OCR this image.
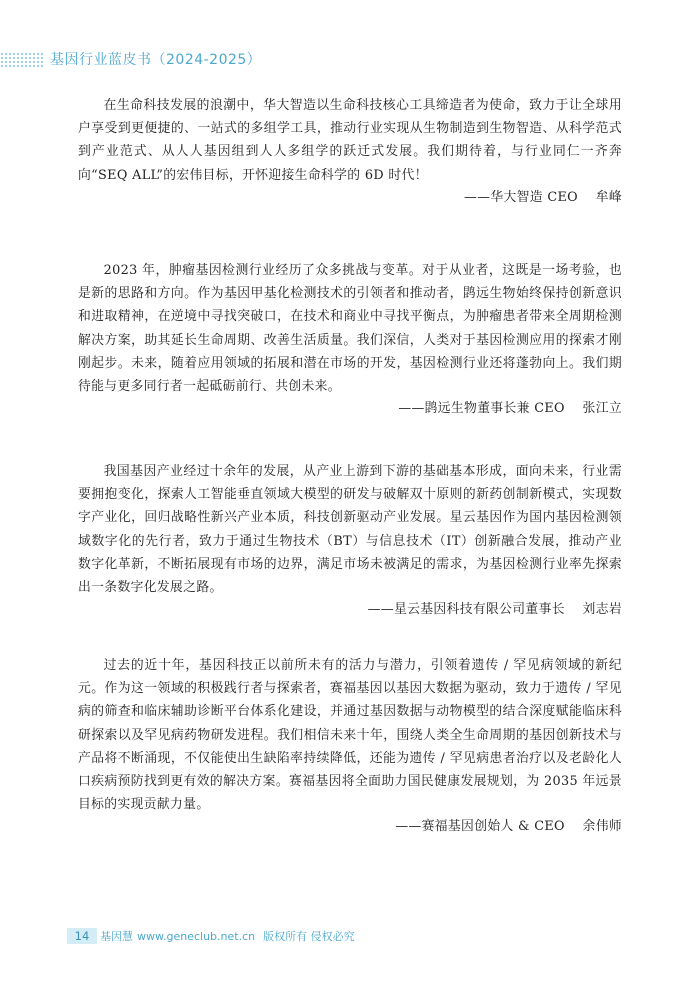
基因行业蓝皮书（2024-2025）

在生命科技发展的浪潮中，华大智造以生命科技核心工具缔造者为使命，致力于让全球用户享受到更便捷的、一站式的多组学工具，推动行业实现从生物制造到生物智造、从科学范式到产业范式、从人人基因组到人人多组学的跃迁式发展。我们期待着，与行业同仁一齐奔向“SEQ ALL”的宏伟目标，开怀迎接生命科学的 6D 时代！

——华大智造 CEO    牟峰

2023 年，肿瘤基因检测行业经历了众多挑战与变革。对于从业者，这既是一场考验，也是新的思路和方向。作为基因甲基化检测技术的引领者和推动者，鹍远生物始终保持创新意识和进取精神，在逆境中寻找突破口，在技术和商业中寻找平衡点，为肿瘤患者带来全周期检测解决方案，助其延长生命周期、改善生活质量。我们深信，人类对于基因检测应用的探索才刚刚起步。未来，随着应用领域的拓展和潜在市场的开发，基因检测行业还将蓬勃向上。我们期待能与更多同行者一起砥砺前行、共创未来。

——鹍远生物董事长兼 CEO    张江立

我国基因产业经过十余年的发展，从产业上游到下游的基础基本形成，面向未来，行业需要拥抱变化，探索人工智能垂直领域大模型的研发与破解双十原则的新药创制新模式，实现数字产业化，回归战略性新兴产业本质，科技创新驱动产业发展。星云基因作为国内基因检测领域数字化的先行者，致力于通过生物技术（BT）与信息技术（IT）创新融合发展，推动产业数字化革新，不断拓展现有市场的边界，满足市场未被满足的需求，为基因检测行业率先探索出一条数字化发展之路。

——星云基因科技有限公司董事长    刘志岩

过去的近十年，基因科技正以前所未有的活力与潜力，引领着遗传 / 罕见病领域的新纪元。作为这一领域的积极践行者与探索者，赛福基因以基因大数据为驱动，致力于遗传 / 罕见病的筛查和临床辅助诊断平台体系化建设，并通过基因数据与动物模型的结合深度赋能临床科研探索以及罕见病药物研发进程。我们相信未来十年，围绕人类全生命周期的基因创新技术与产品将不断涌现，不仅能使出生缺陷率持续降低，还能为遗传 / 罕见病患者治疗以及老龄化人口疾病预防找到更有效的解决方案。赛福基因将全面助力国民健康发展规划，为 2035 年远景目标的实现贡献力量。

——赛福基因创始人 & CEO    余伟师

14 基因慧 www.geneclub.net.cn 版权所有 侵权必究
